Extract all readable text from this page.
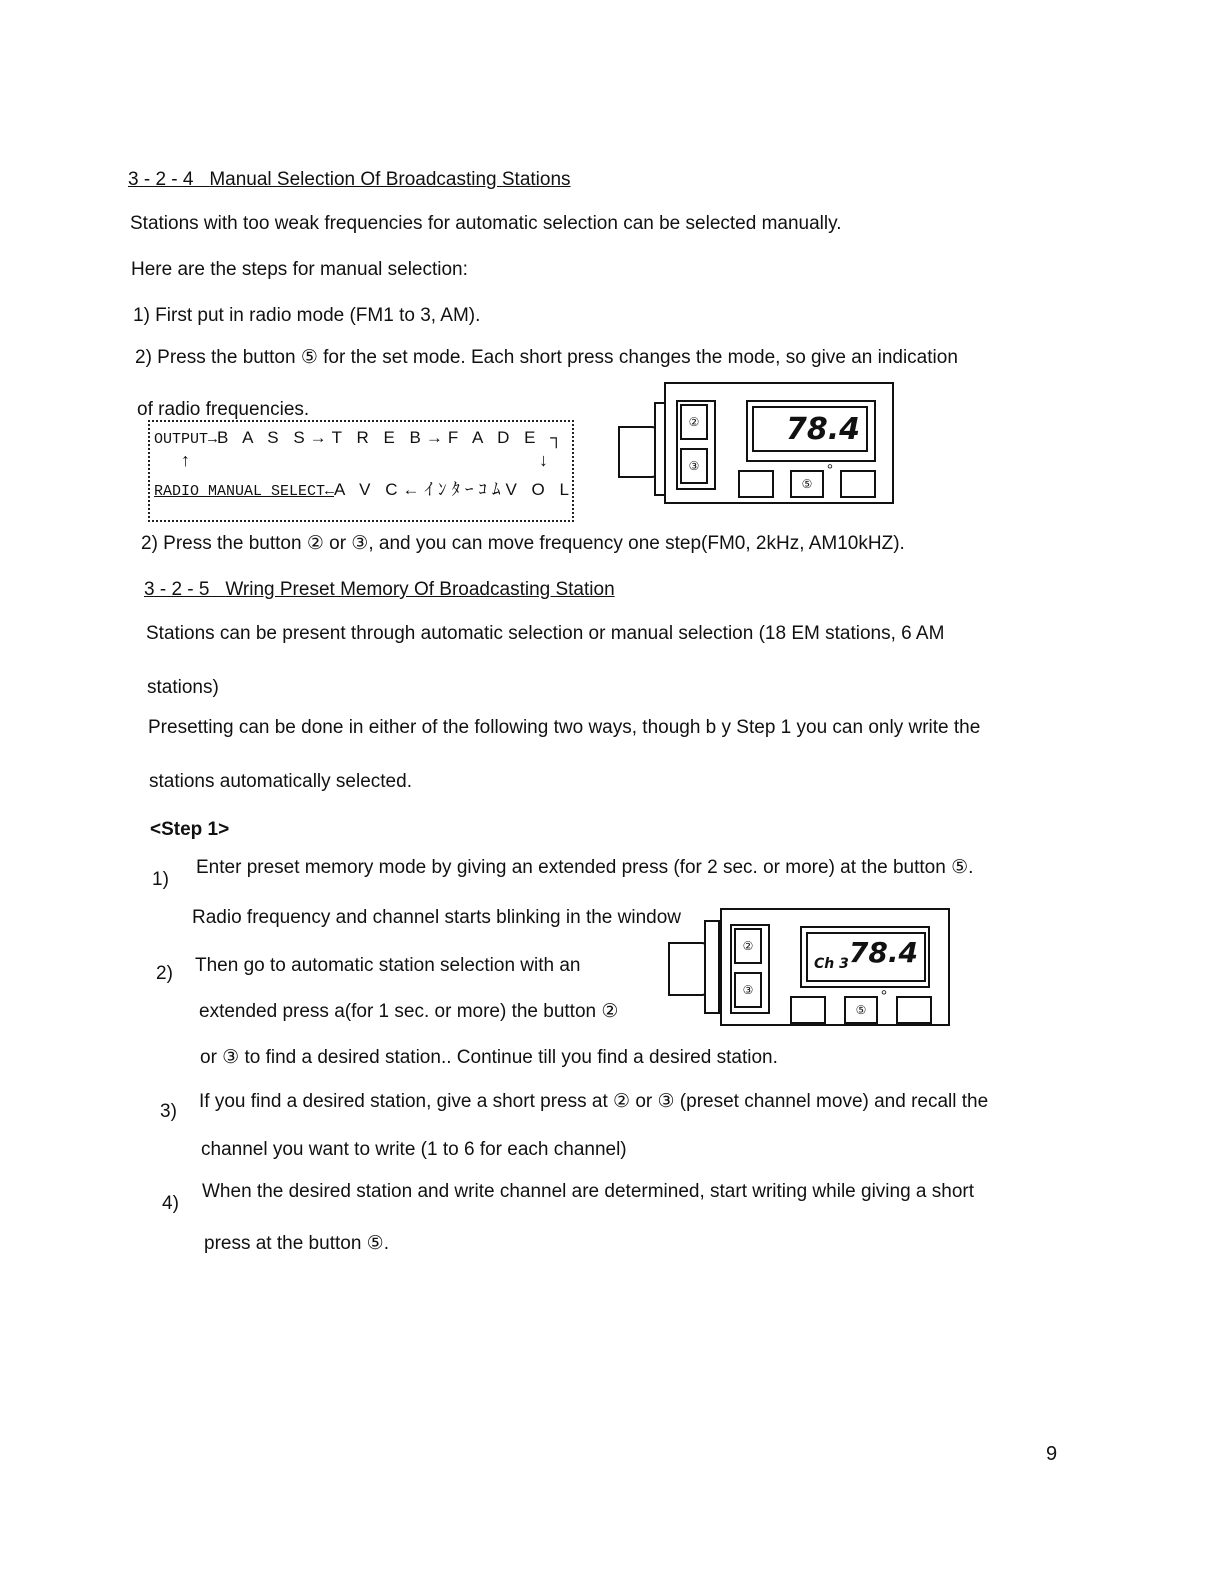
3 - 2 - 4 Manual Selection Of Broadcasting Stations
Stations with too weak frequencies for automatic selection can be selected manually.
Here are the steps for manual selection:
1) First put in radio mode (FM1 to 3, AM).
2) Press the button ⑤ for the set mode. Each short press changes the mode, so give an indication
of radio frequencies.
OUTPUT→B A S S→T R E B→F A D E ┐
↑	↓
RADIO MANUAL SELECT←A V C←ｲﾝﾀｰｺﾑV O L
②
③
78.4
⑤
°
2) Press the button ② or ③, and you can move frequency one step(FM0, 2kHz, AM10kHZ).
3 - 2 - 5 Wring Preset Memory Of Broadcasting Station
Stations can be present through automatic selection or manual selection (18 EM stations, 6 AM
stations)
Presetting can be done in either of the following two ways, though b y Step 1 you can only write the
stations automatically selected.
<Step 1>
1)
Enter preset memory mode by giving an extended press (for 2 sec. or more) at the button ⑤.
Radio frequency and channel starts blinking in the window
2) Then go to automatic station selection with an
extended press a(for 1 sec. or more) the button ②
or ③ to find a desired station.. Continue till you find a desired station.
3) If you find a desired station, give a short press at ② or ③ (preset channel move) and recall the
channel you want to write (1 to 6 for each channel)
4)
When the desired station and write channel are determined, start writing while giving a short
press at the button ⑤.
②
③
Ch 3 78.4
⑤
°
9
